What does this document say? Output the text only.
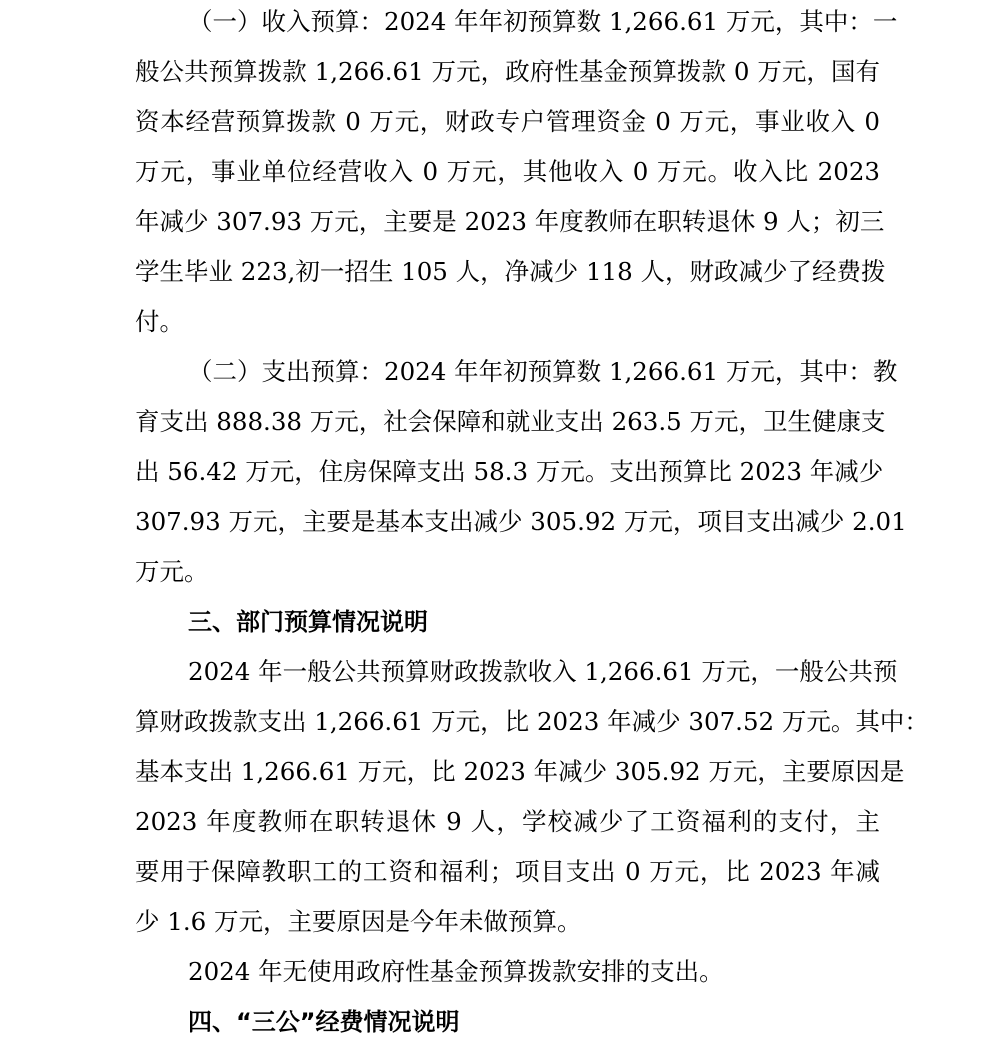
（一）收入预算：2024 年年初预算数 1,266.61 万元，其中：一
般公共预算拨款 1,266.61 万元，政府性基金预算拨款 0 万元，国有
资本经营预算拨款 0 万元，财政专户管理资金 0 万元，事业收入 0
万元，事业单位经营收入 0 万元，其他收入 0 万元。收入比 2023
年减少 307.93 万元，主要是 2023 年度教师在职转退休 9 人；初三
学生毕业 223,初一招生 105 人，净减少 118 人，财政减少了经费拨
付。
（二）支出预算：2024 年年初预算数 1,266.61 万元，其中：教
育支出 888.38 万元，社会保障和就业支出 263.5 万元，卫生健康支
出 56.42 万元，住房保障支出 58.3 万元。支出预算比 2023 年减少
307.93 万元，主要是基本支出减少 305.92 万元，项目支出减少 2.01
万元。
三、部门预算情况说明
2024 年一般公共预算财政拨款收入 1,266.61 万元，一般公共预
算财政拨款支出 1,266.61 万元，比 2023 年减少 307.52 万元。其中：
基本支出 1,266.61 万元，比 2023 年减少 305.92 万元，主要原因是
2023 年度教师在职转退休 9 人，学校减少了工资福利的支付，主
要用于保障教职工的工资和福利；项目支出 0 万元，比 2023 年减
少 1.6 万元，主要原因是今年未做预算。
2024 年无使用政府性基金预算拨款安排的支出。
四、“三公”经费情况说明
